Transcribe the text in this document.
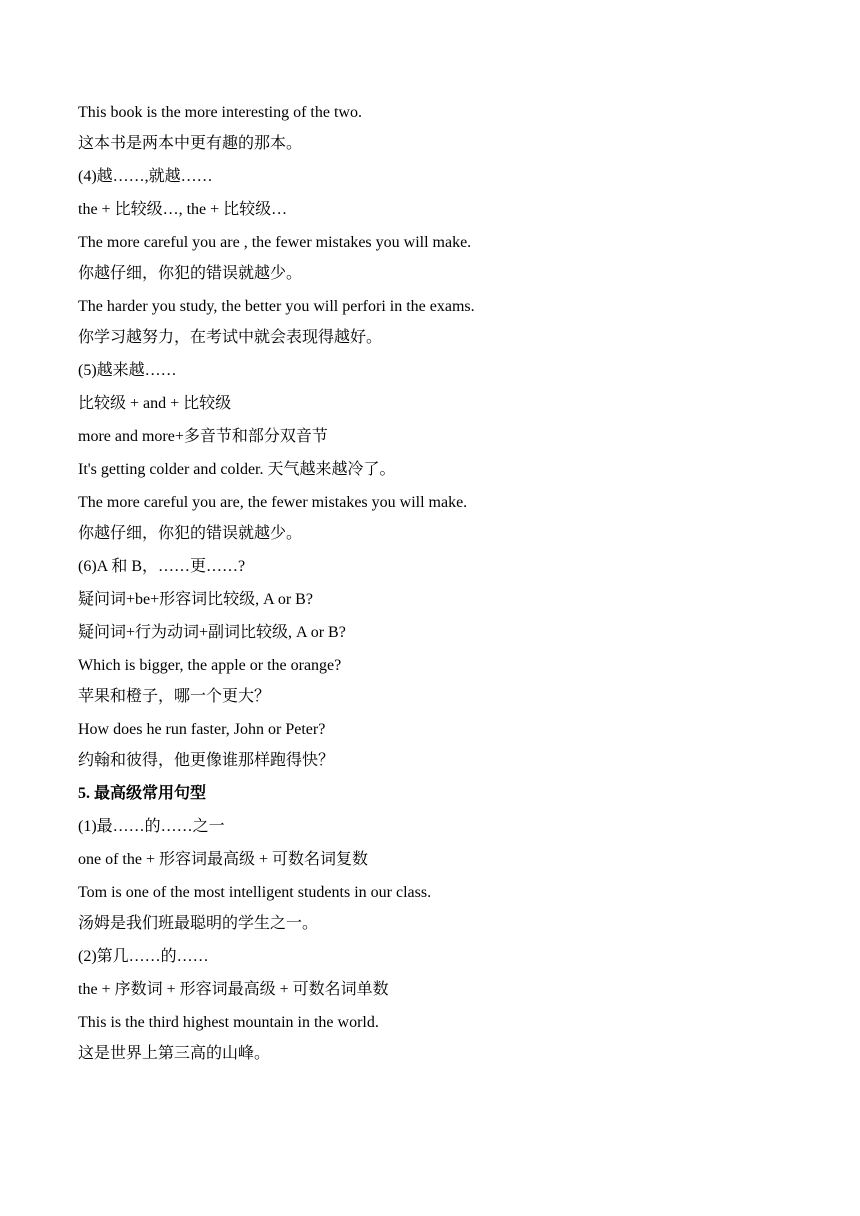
This book is the more interesting of the two.
这本书是两本中更有趣的那本。
(4)越……,就越……
the + 比较级…, the + 比较级…
The more careful you are , the fewer mistakes you will make.
你越仔细，你犯的错误就越少。
The harder you study, the better you will perfori in the exams.
你学习越努力，在考试中就会表现得越好。
(5)越来越……
比较级 + and + 比较级
more and more+多音节和部分双音节
It's getting colder and colder. 天气越来越冷了。
The more careful you are, the fewer mistakes you will make.
你越仔细，你犯的错误就越少。
(6)A 和 B，……更……?
疑问词+be+形容词比较级, A or B?
疑问词+行为动词+副词比较级, A or B?
Which is bigger, the apple or the orange?
苹果和橙子，哪一个更大？
How does he run faster, John or Peter?
约翰和彼得，他更像谁那样跑得快？
5. 最高级常用句型
(1)最……的……之一
one of the + 形容词最高级 + 可数名词复数
Tom is one of the most intelligent students in our class.
汤姆是我们班最聪明的学生之一。
(2)第几……的……
the + 序数词 + 形容词最高级 + 可数名词单数
This is the third highest mountain in the world.
这是世界上第三高的山峰。
